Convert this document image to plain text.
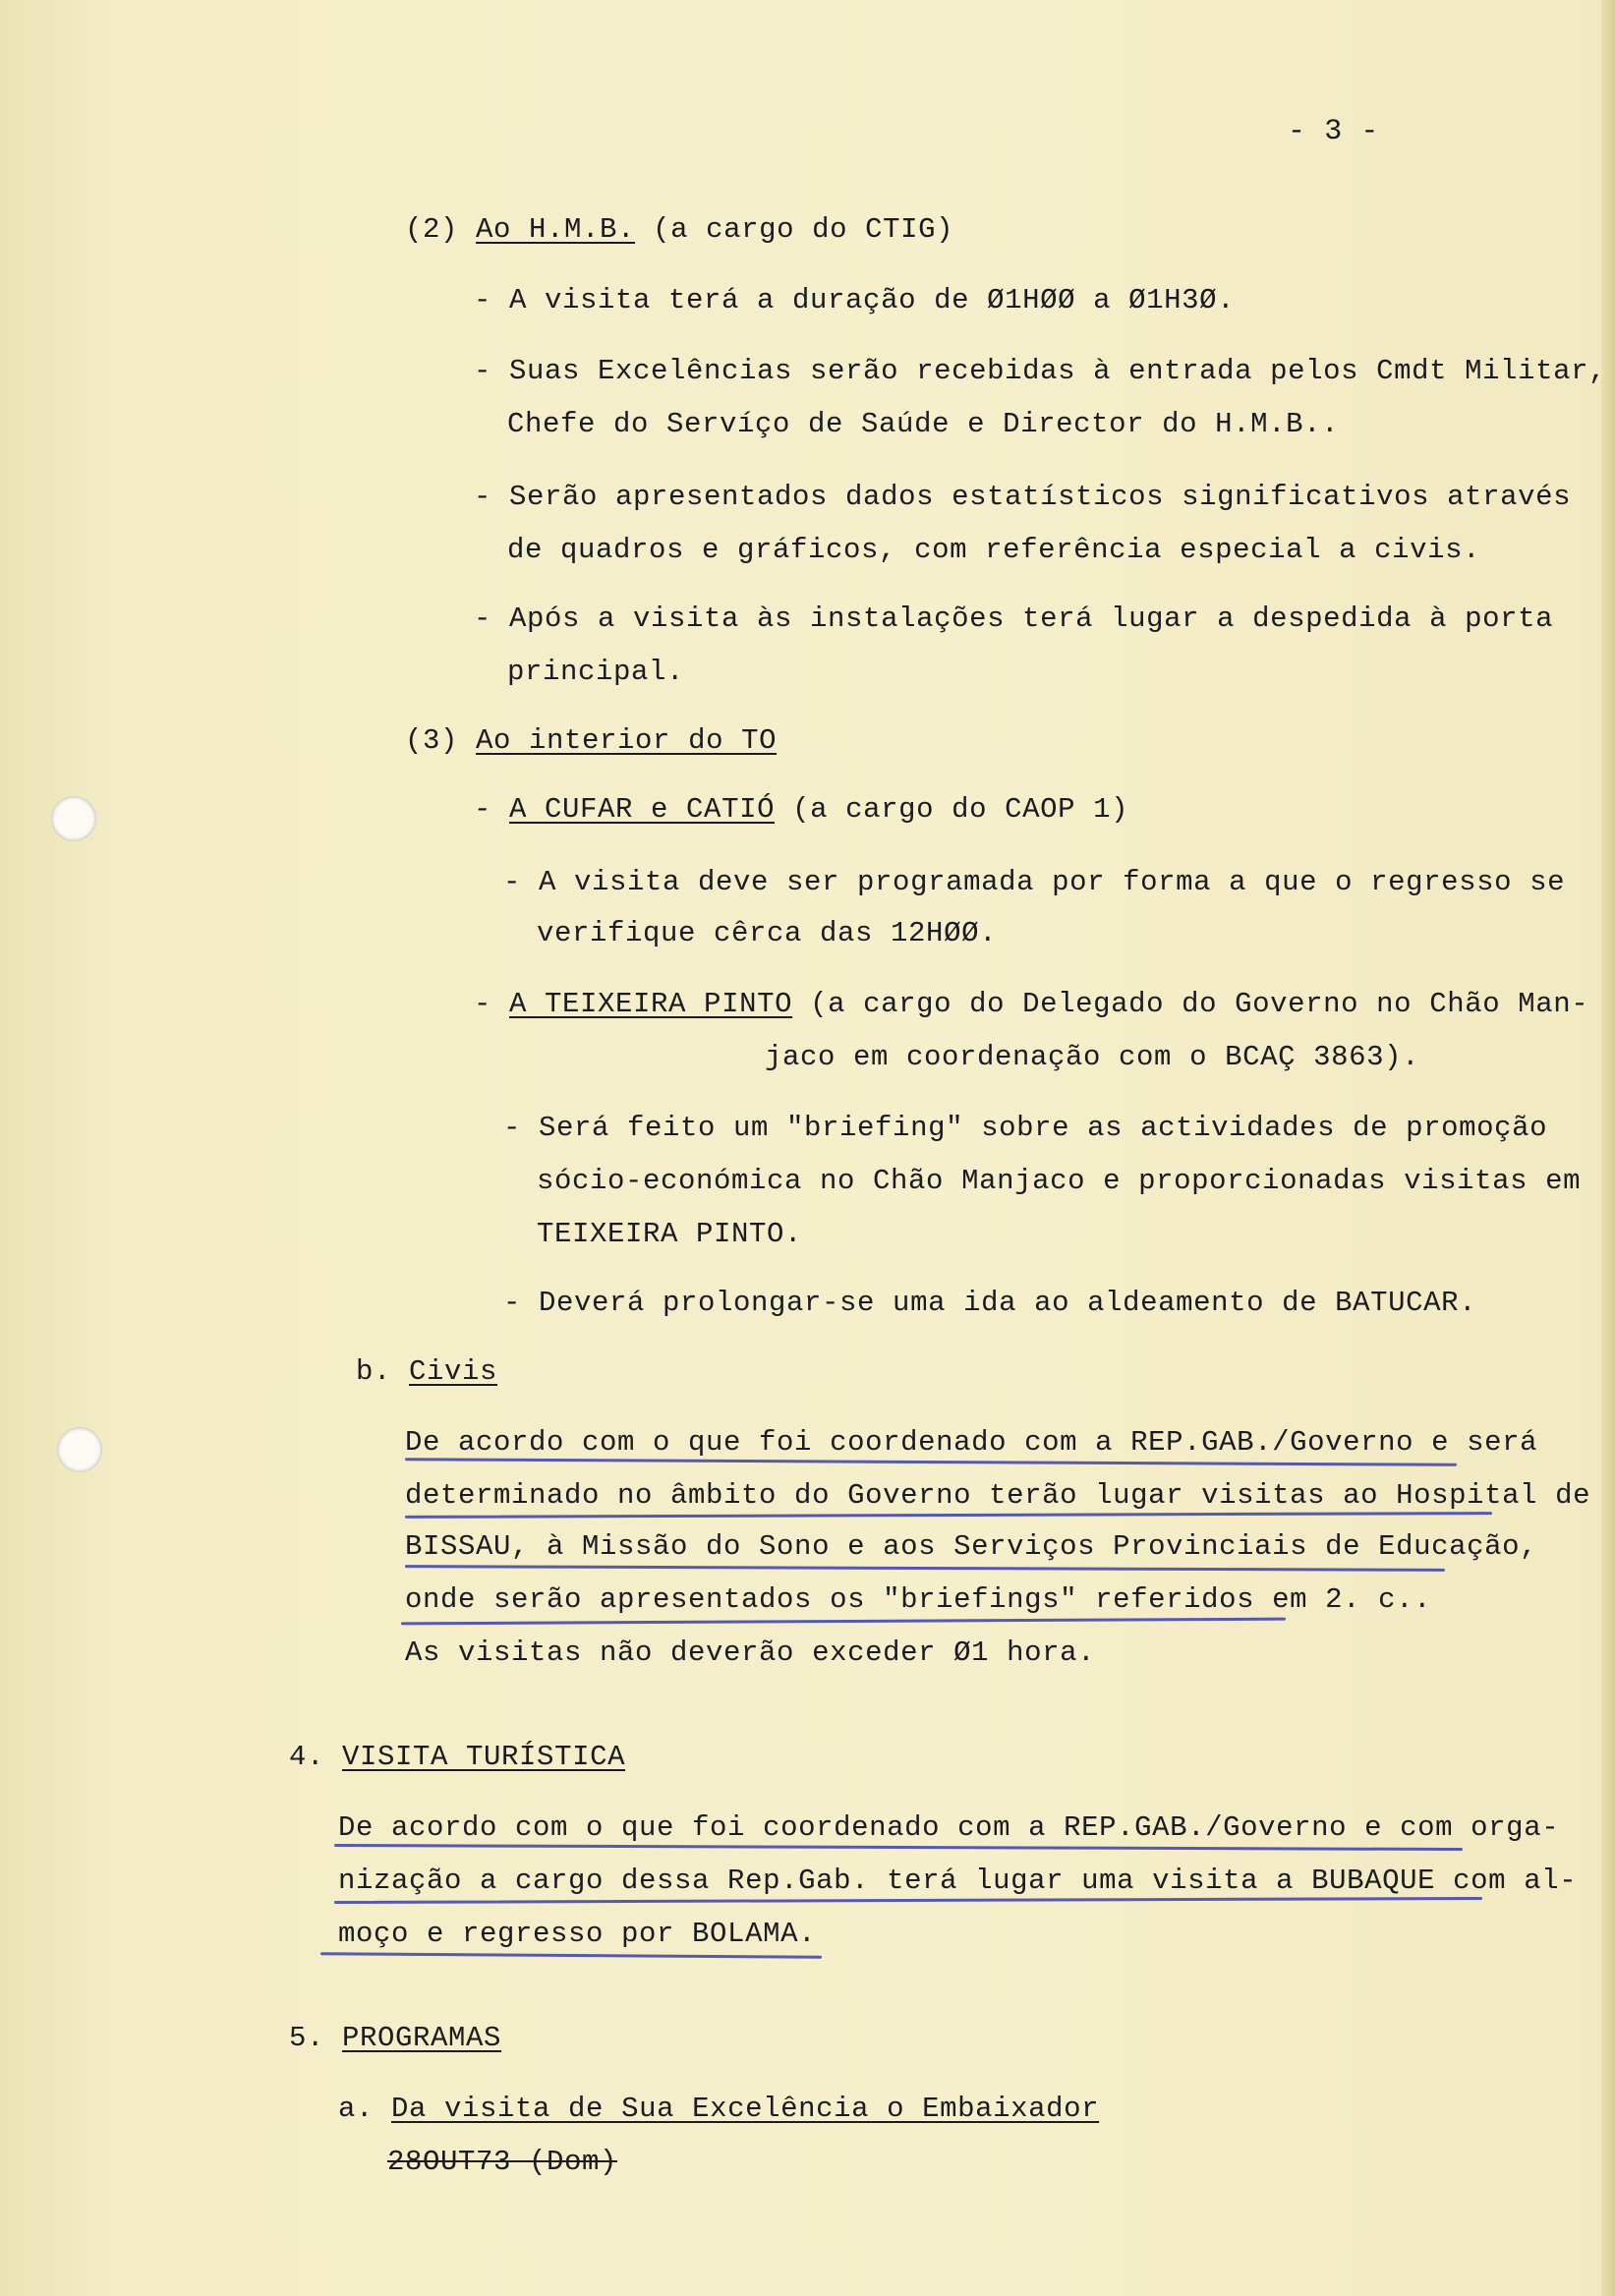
- 3 -
(2) Ao H.M.B. (a cargo do CTIG)
- A visita terá a duração de Ø1HØØ a Ø1H3Ø.
- Suas Excelências serão recebidas à entrada pelos Cmdt Militar,
Chefe do Servíço de Saúde e Director do H.M.B..
- Serão apresentados dados estatísticos significativos através
de quadros e gráficos, com referência especial a civis.
- Após a visita às instalações terá lugar a despedida à porta
principal.
(3) Ao interior do TO
- A CUFAR e CATIÓ (a cargo do CAOP 1)
- A visita deve ser programada por forma a que o regresso se
verifique cêrca das 12HØØ.
- A TEIXEIRA PINTO (a cargo do Delegado do Governo no Chão Man-
jaco em coordenação com o BCAÇ 3863).
- Será feito um "briefing" sobre as actividades de promoção
sócio-económica no Chão Manjaco e proporcionadas visitas em
TEIXEIRA PINTO.
- Deverá prolongar-se uma ida ao aldeamento de BATUCAR.
b. Civis
De acordo com o que foi coordenado com a REP.GAB./Governo e será
determinado no âmbito do Governo terão lugar visitas ao Hospital de
BISSAU, à Missão do Sono e aos Serviços Provinciais de Educação,
onde serão apresentados os "briefings" referidos em 2. c..
As visitas não deverão exceder Ø1 hora.
4. VISITA TURÍSTICA
De acordo com o que foi coordenado com a REP.GAB./Governo e com orga-
nização a cargo dessa Rep.Gab. terá lugar uma visita a BUBAQUE com al-
moço e regresso por BOLAMA.
5. PROGRAMAS
a. Da visita de Sua Excelência o Embaixador
28OUT73 (Dom)
